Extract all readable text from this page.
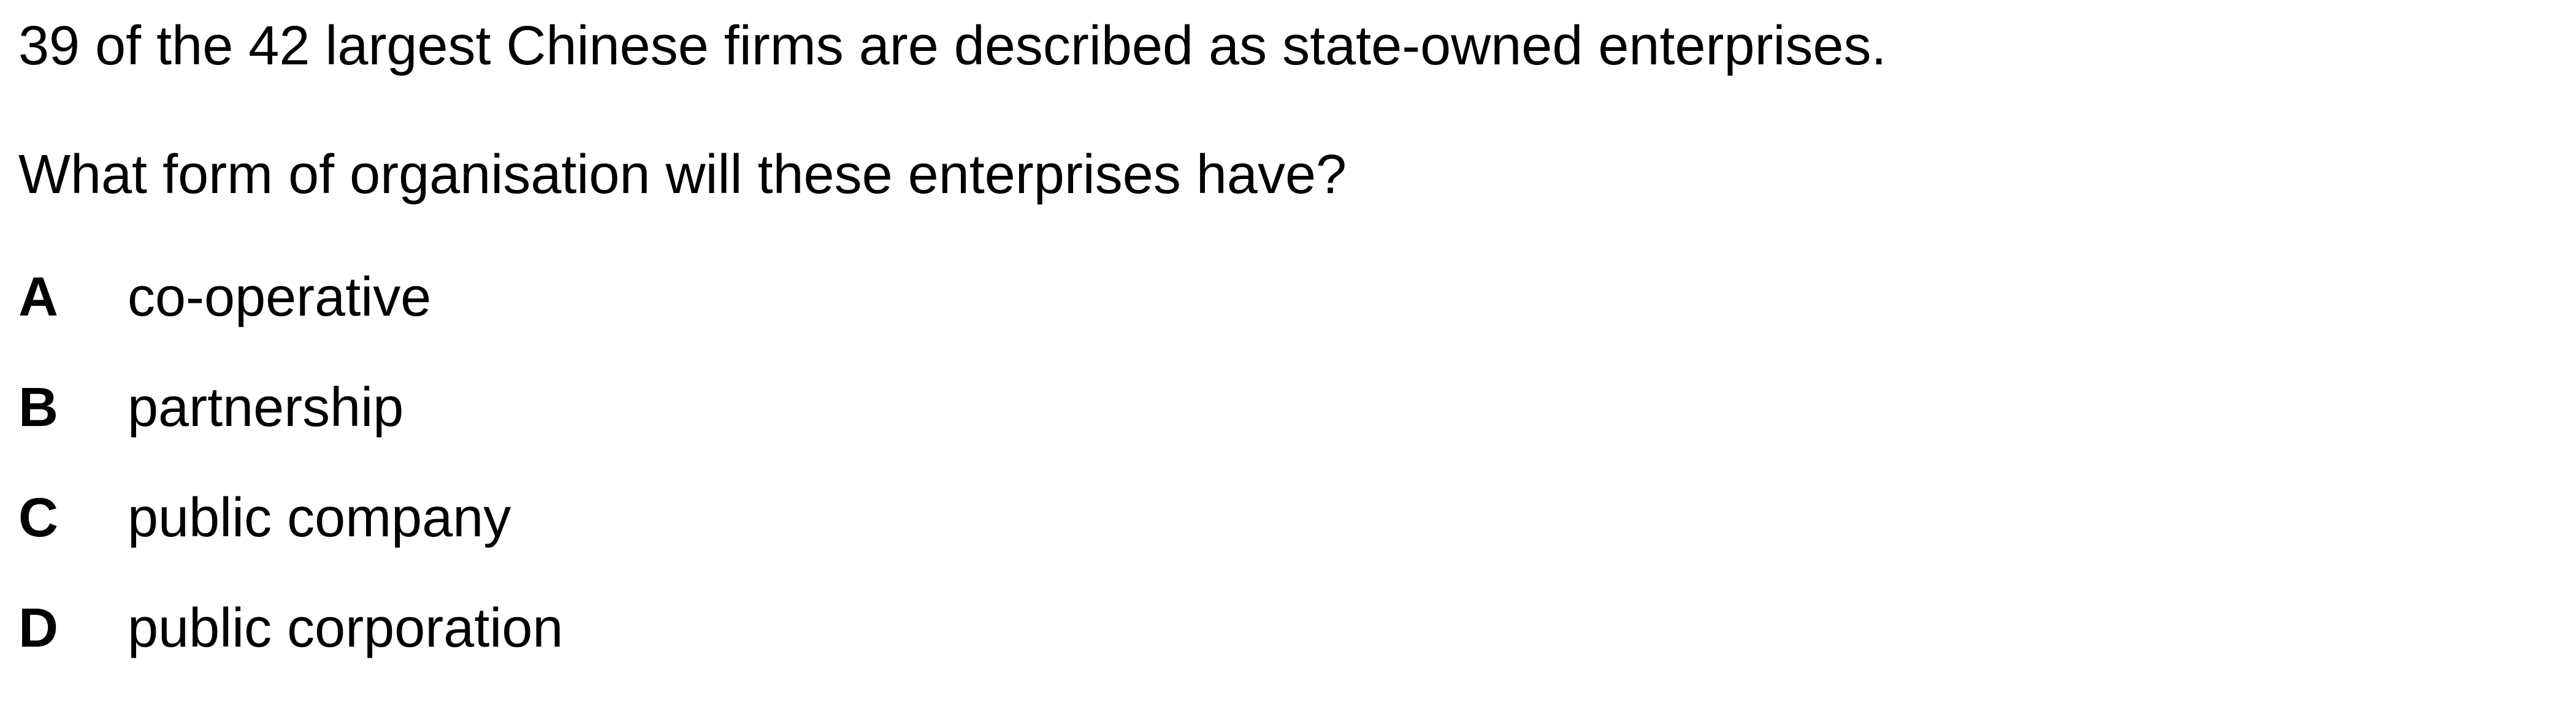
39 of the 42 largest Chinese firms are described as state-owned enterprises.

What form of organisation will these enterprises have?

A	co-operative
B	partnership
C	public company
D	public corporation
